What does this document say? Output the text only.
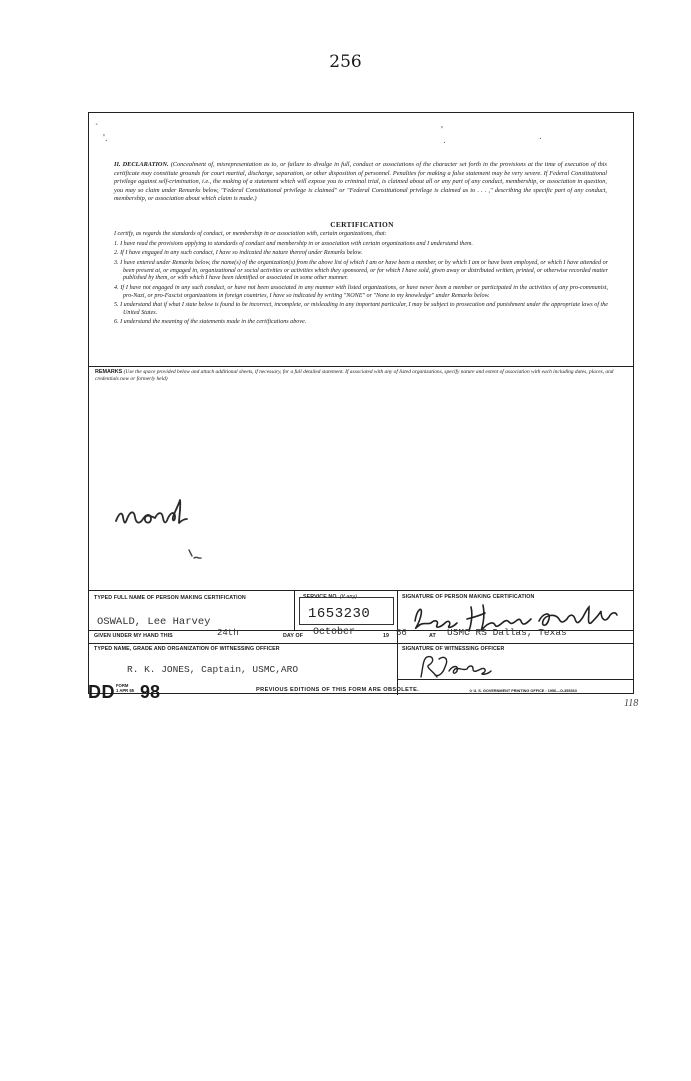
256
`
'.
'
.	.
II. DECLARATION. (Concealment of, misrepresentation as to, or failure to divulge in full, conduct or associations of the character set forth in the provisions at the time of execution of this certificate may constitute grounds for court martial, discharge, separation, or other disposition of personnel. Penalties for making a false statement may be very severe. If Federal Constitutional privilege against self-crimination, i.e., the making of a statement which will expose you to criminal trial, is claimed about all or any part of any conduct, membership, or association in question, you may so claim under Remarks below, "Federal Constitutional privilege is claimed" or "Federal Constitutional privilege is claimed as to . . . ," describing the specific part of any conduct, membership, or association about which claim is made.)
CERTIFICATION
I certify, as regards the standards of conduct, or membership in or association with, certain organizations, that:
1. I have read the provisions applying to standards of conduct and membership in or association with certain organizations and I understand them.
2. If I have engaged in any such conduct, I have so indicated the nature thereof under Remarks below.
3. I have entered under Remarks below, the name(s) of the organization(s) from the above list of which I am or have been a member, or by which I am or have been employed, or which I have attended or been present at, or engaged in, organizational or social activities or activities which they sponsored, or for which I have sold, given away or distributed written, printed, or otherwise recorded matter published by them, or with which I have been identified or associated in some other manner.
4. If I have not engaged in any such conduct, or have not been associated in any manner with listed organizations, or have never been a member or participated in the activities of any pro-communist, pro-Nazi, or pro-Fascist organizations in foreign countries, I have so indicated by writing "NONE" or "None to my knowledge" under Remarks below.
5. I understand that if what I state below is found to be incorrect, incomplete, or misleading in any important particular, I may be subject to prosecution and punishment under the appropriate laws of the United States.
6. I understand the meaning of the statements made in the certifications above.
REMARKS (Use the space provided below and attach additional sheets, if necessary, for a full detailed statement. If associated with any of listed organizations, specify nature and extent of association with each including dates, places, and credentials now or formerly held)
TYPED FULL NAME OF PERSON MAKING CERTIFICATION
OSWALD, Lee Harvey
SERVICE NO. (If any)
1653230
SIGNATURE OF PERSON MAKING CERTIFICATION
GIVEN UNDER MY HAND THIS	24th	DAY OF October	19 56	AT USMC RS Dallas, Texas
TYPED NAME, GRADE AND ORGANIZATION OF WITNESSING OFFICER
R. K. JONES, Captain, USMC,ARO
SIGNATURE OF WITNESSING OFFICER
DD FORM
1 APR 55 98	PREVIOUS EDITIONS OF THIS FORM ARE OBSOLETE.	☆ U. S. GOVERNMENT PRINTING OFFICE : 1956—O-355363
118
